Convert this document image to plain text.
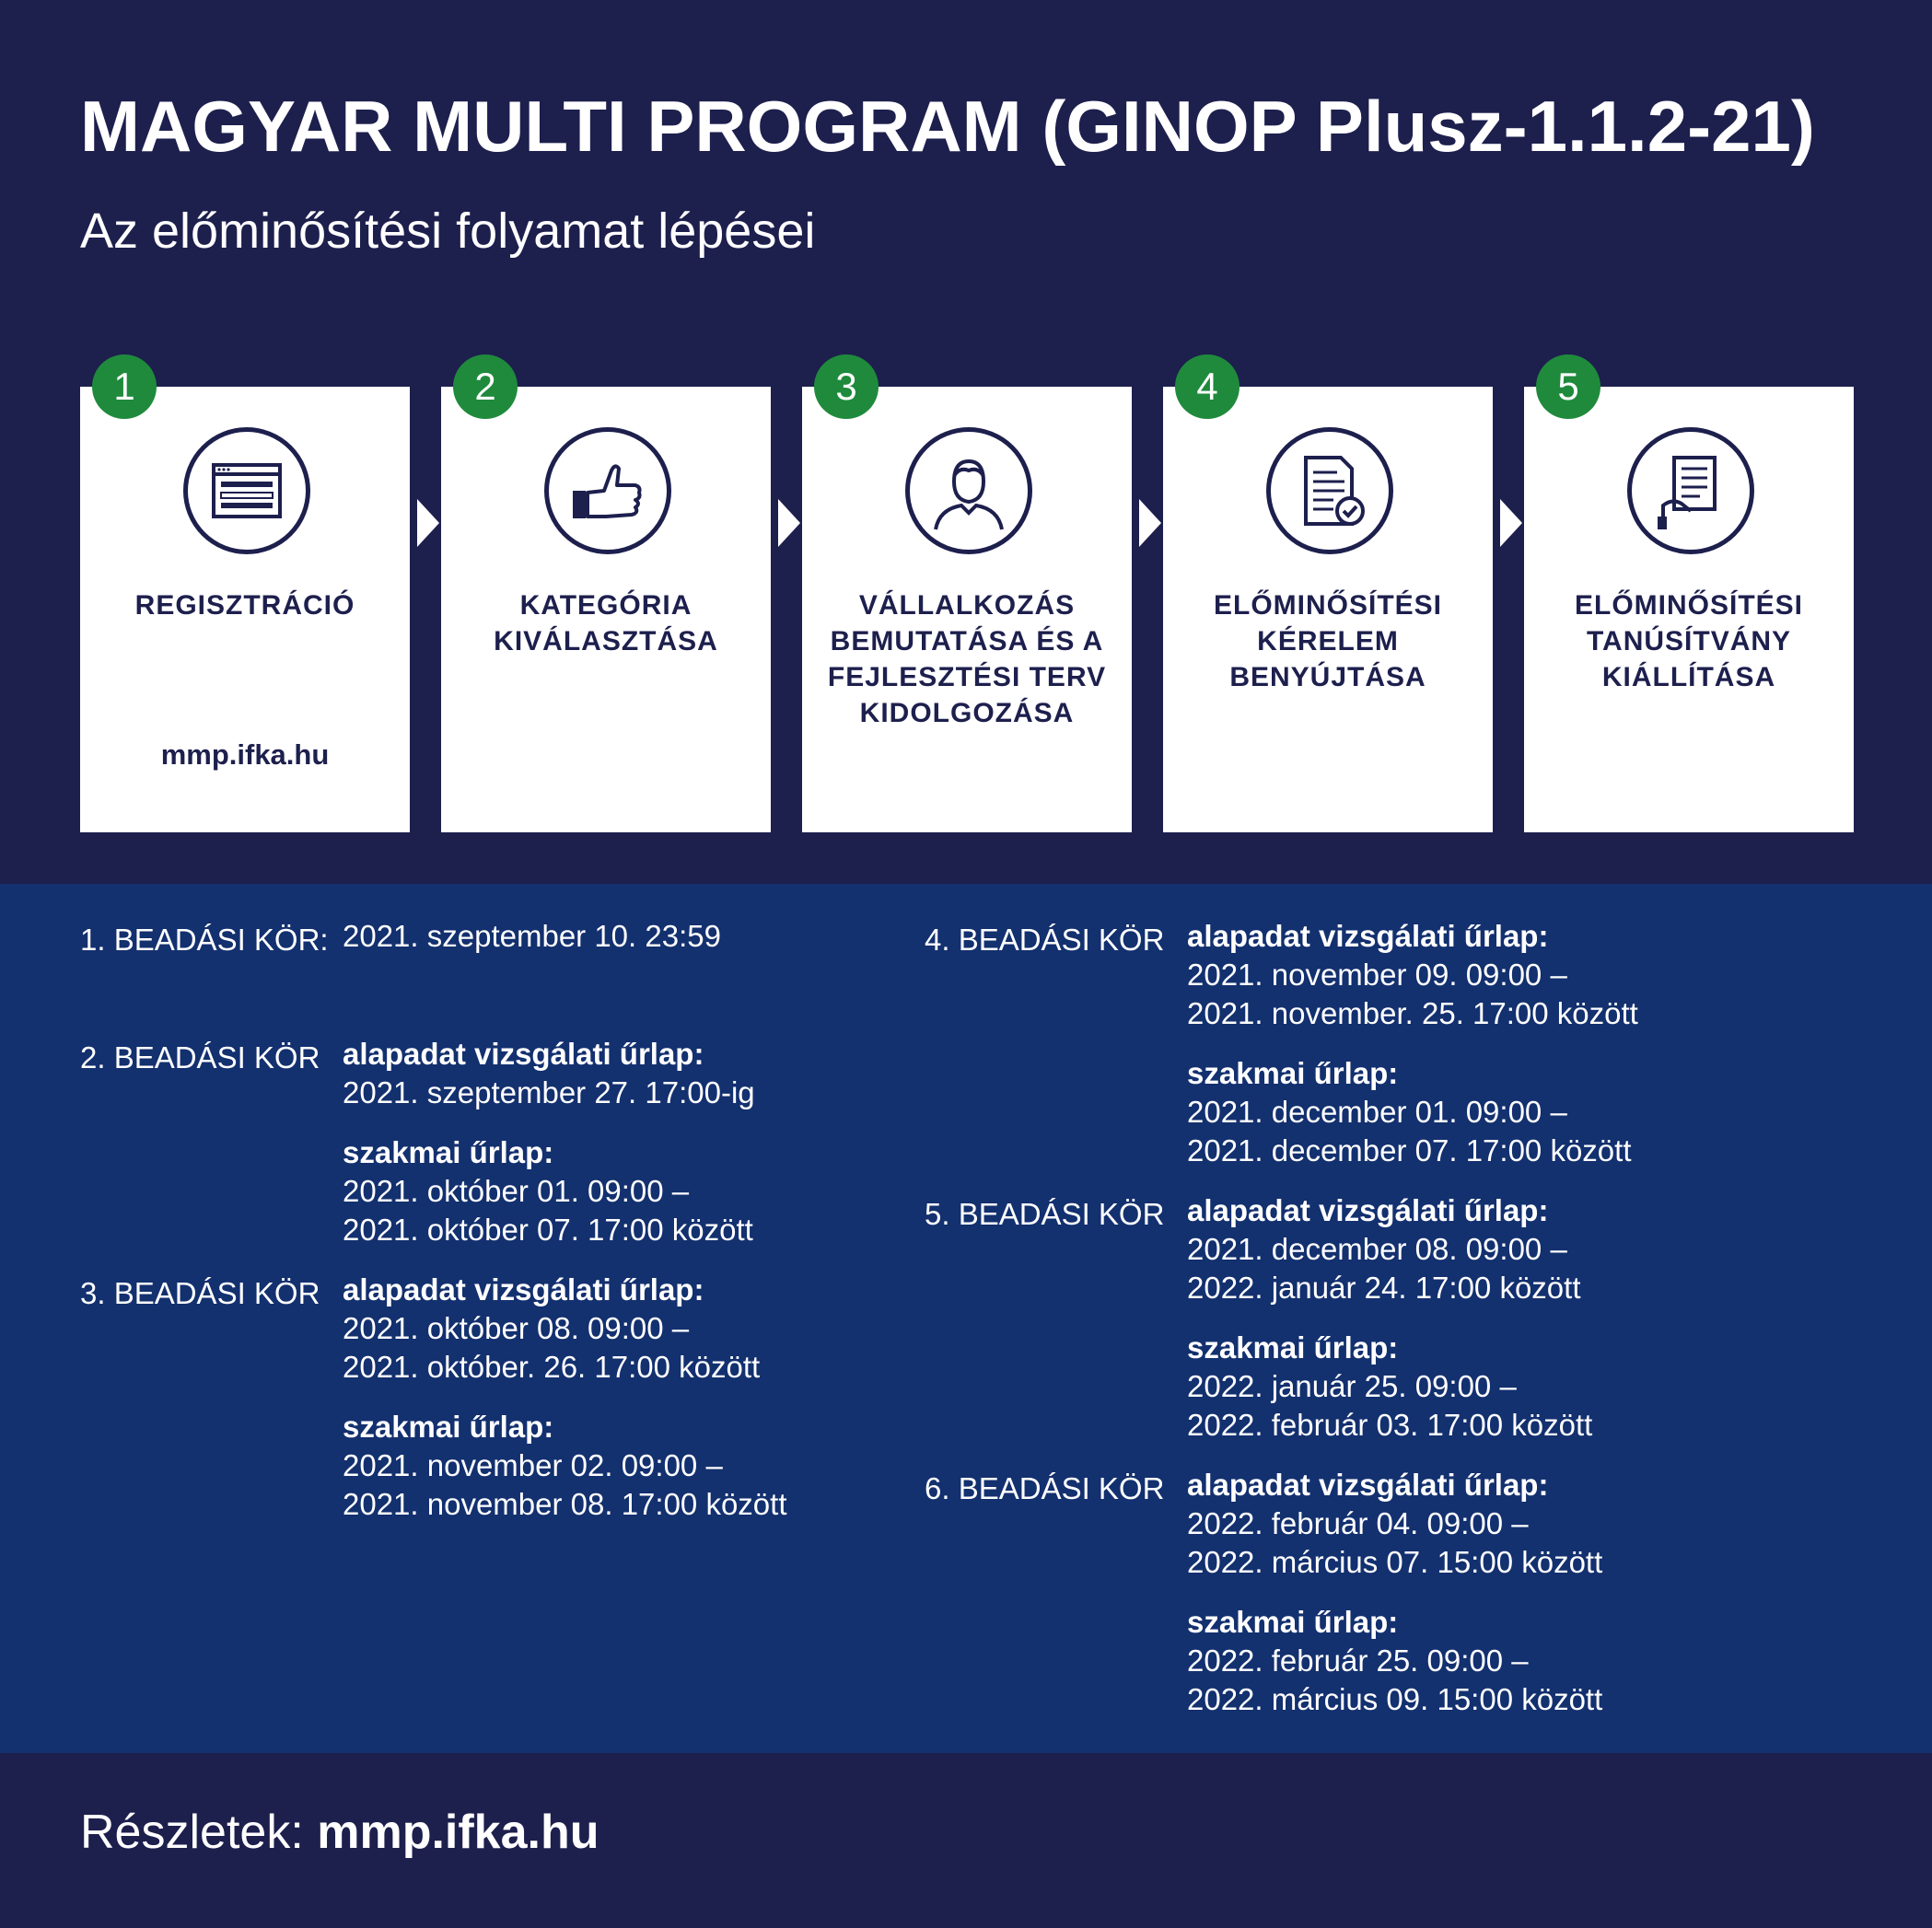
MAGYAR MULTI PROGRAM (GINOP Plusz-1.1.2-21)
Az előminősítési folyamat lépései
REGISZTRÁCIÓ
mmp.ifka.hu
1
KATEGÓRIA KIVÁLASZTÁSA
2
VÁLLALKOZÁS BEMUTATÁSA ÉS A FEJLESZTÉSI TERV KIDOLGOZÁSA
3
ELŐMINŐSÍTÉSI KÉRELEM BENYÚJTÁSA
4
ELŐMINŐSÍTÉSI TANÚSÍTVÁNY KIÁLLÍTÁSA
5
1. BEADÁSI KÖR: 2021. szeptember 10. 23:59
2. BEADÁSI KÖR alapadat vizsgálati űrlap:
2021. szeptember 27. 17:00-ig
szakmai űrlap:
2021. október 01. 09:00 –
2021. október 07. 17:00 között
3. BEADÁSI KÖR alapadat vizsgálati űrlap:
2021. október 08. 09:00 –
2021. október. 26. 17:00 között
szakmai űrlap:
2021. november 02. 09:00 –
2021. november 08. 17:00 között
4. BEADÁSI KÖR alapadat vizsgálati űrlap:
2021. november 09. 09:00 –
2021. november. 25. 17:00 között
szakmai űrlap:
2021. december 01. 09:00 –
2021. december 07. 17:00 között
5. BEADÁSI KÖR alapadat vizsgálati űrlap:
2021. december 08. 09:00 –
2022. január 24. 17:00 között
szakmai űrlap:
2022. január 25. 09:00 –
2022. február 03. 17:00 között
6. BEADÁSI KÖR alapadat vizsgálati űrlap:
2022. február 04. 09:00 –
2022. március 07. 15:00 között
szakmai űrlap:
2022. február 25. 09:00 –
2022. március 09. 15:00 között
Részletek: mmp.ifka.hu
